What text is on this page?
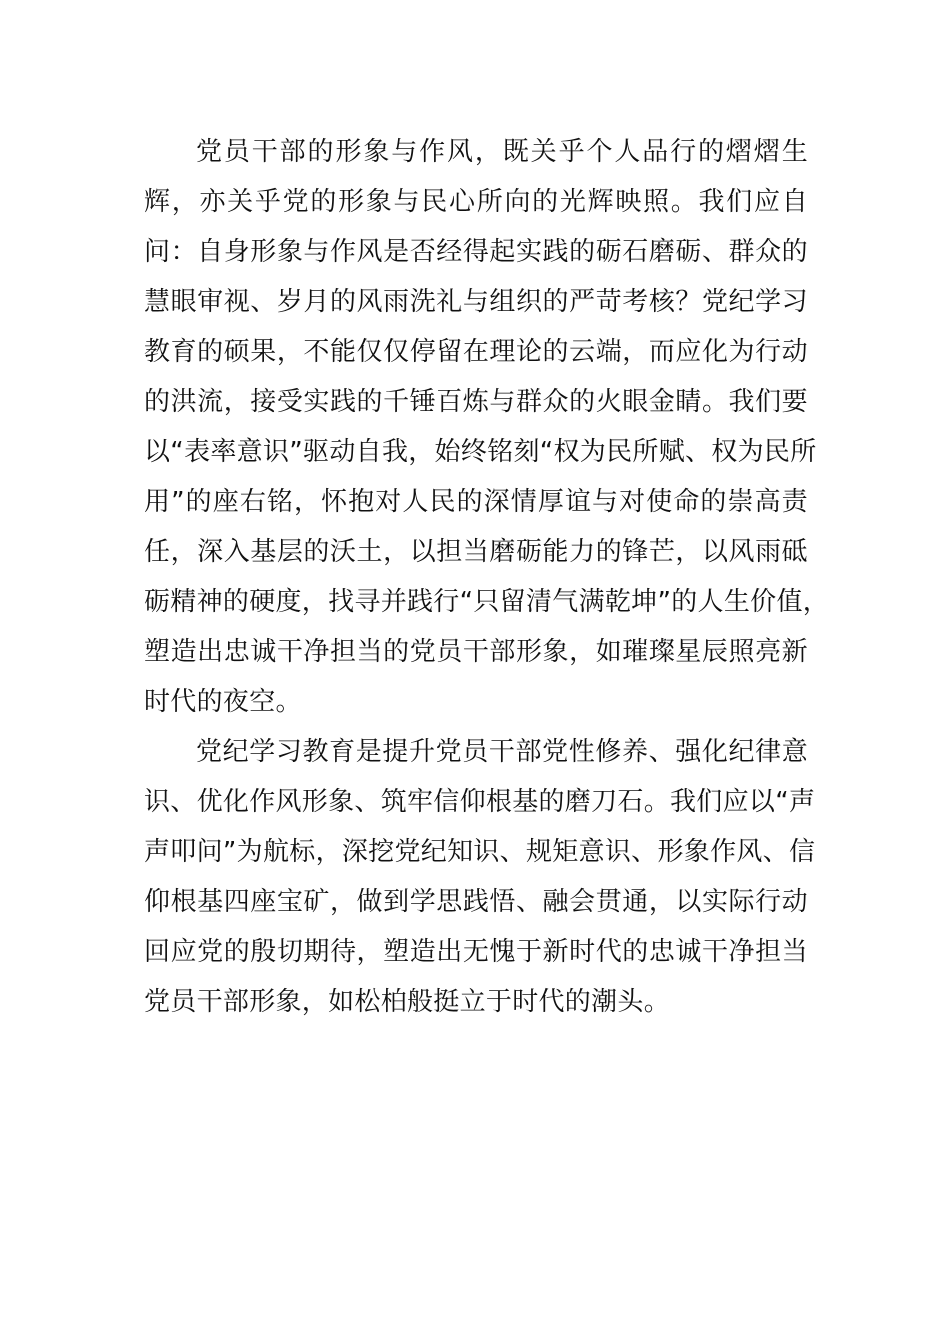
党员干部的形象与作风，既关乎个人品行的熠熠生
辉，亦关乎党的形象与民心所向的光辉映照。我们应自
问：自身形象与作风是否经得起实践的砺石磨砺、群众的
慧眼审视、岁月的风雨洗礼与组织的严苛考核？党纪学习
教育的硕果，不能仅仅停留在理论的云端，而应化为行动
的洪流，接受实践的千锤百炼与群众的火眼金睛。我们要
以“表率意识”驱动自我，始终铭刻“权为民所赋、权为民所
用”的座右铭，怀抱对人民的深情厚谊与对使命的崇高责
任，深入基层的沃土，以担当磨砺能力的锋芒，以风雨砥
砺精神的硬度，找寻并践行“只留清气满乾坤”的人生价值，
塑造出忠诚干净担当的党员干部形象，如璀璨星辰照亮新
时代的夜空。
党纪学习教育是提升党员干部党性修养、强化纪律意
识、优化作风形象、筑牢信仰根基的磨刀石。我们应以“声
声叩问”为航标，深挖党纪知识、规矩意识、形象作风、信
仰根基四座宝矿，做到学思践悟、融会贯通，以实际行动
回应党的殷切期待，塑造出无愧于新时代的忠诚干净担当
党员干部形象，如松柏般挺立于时代的潮头。
